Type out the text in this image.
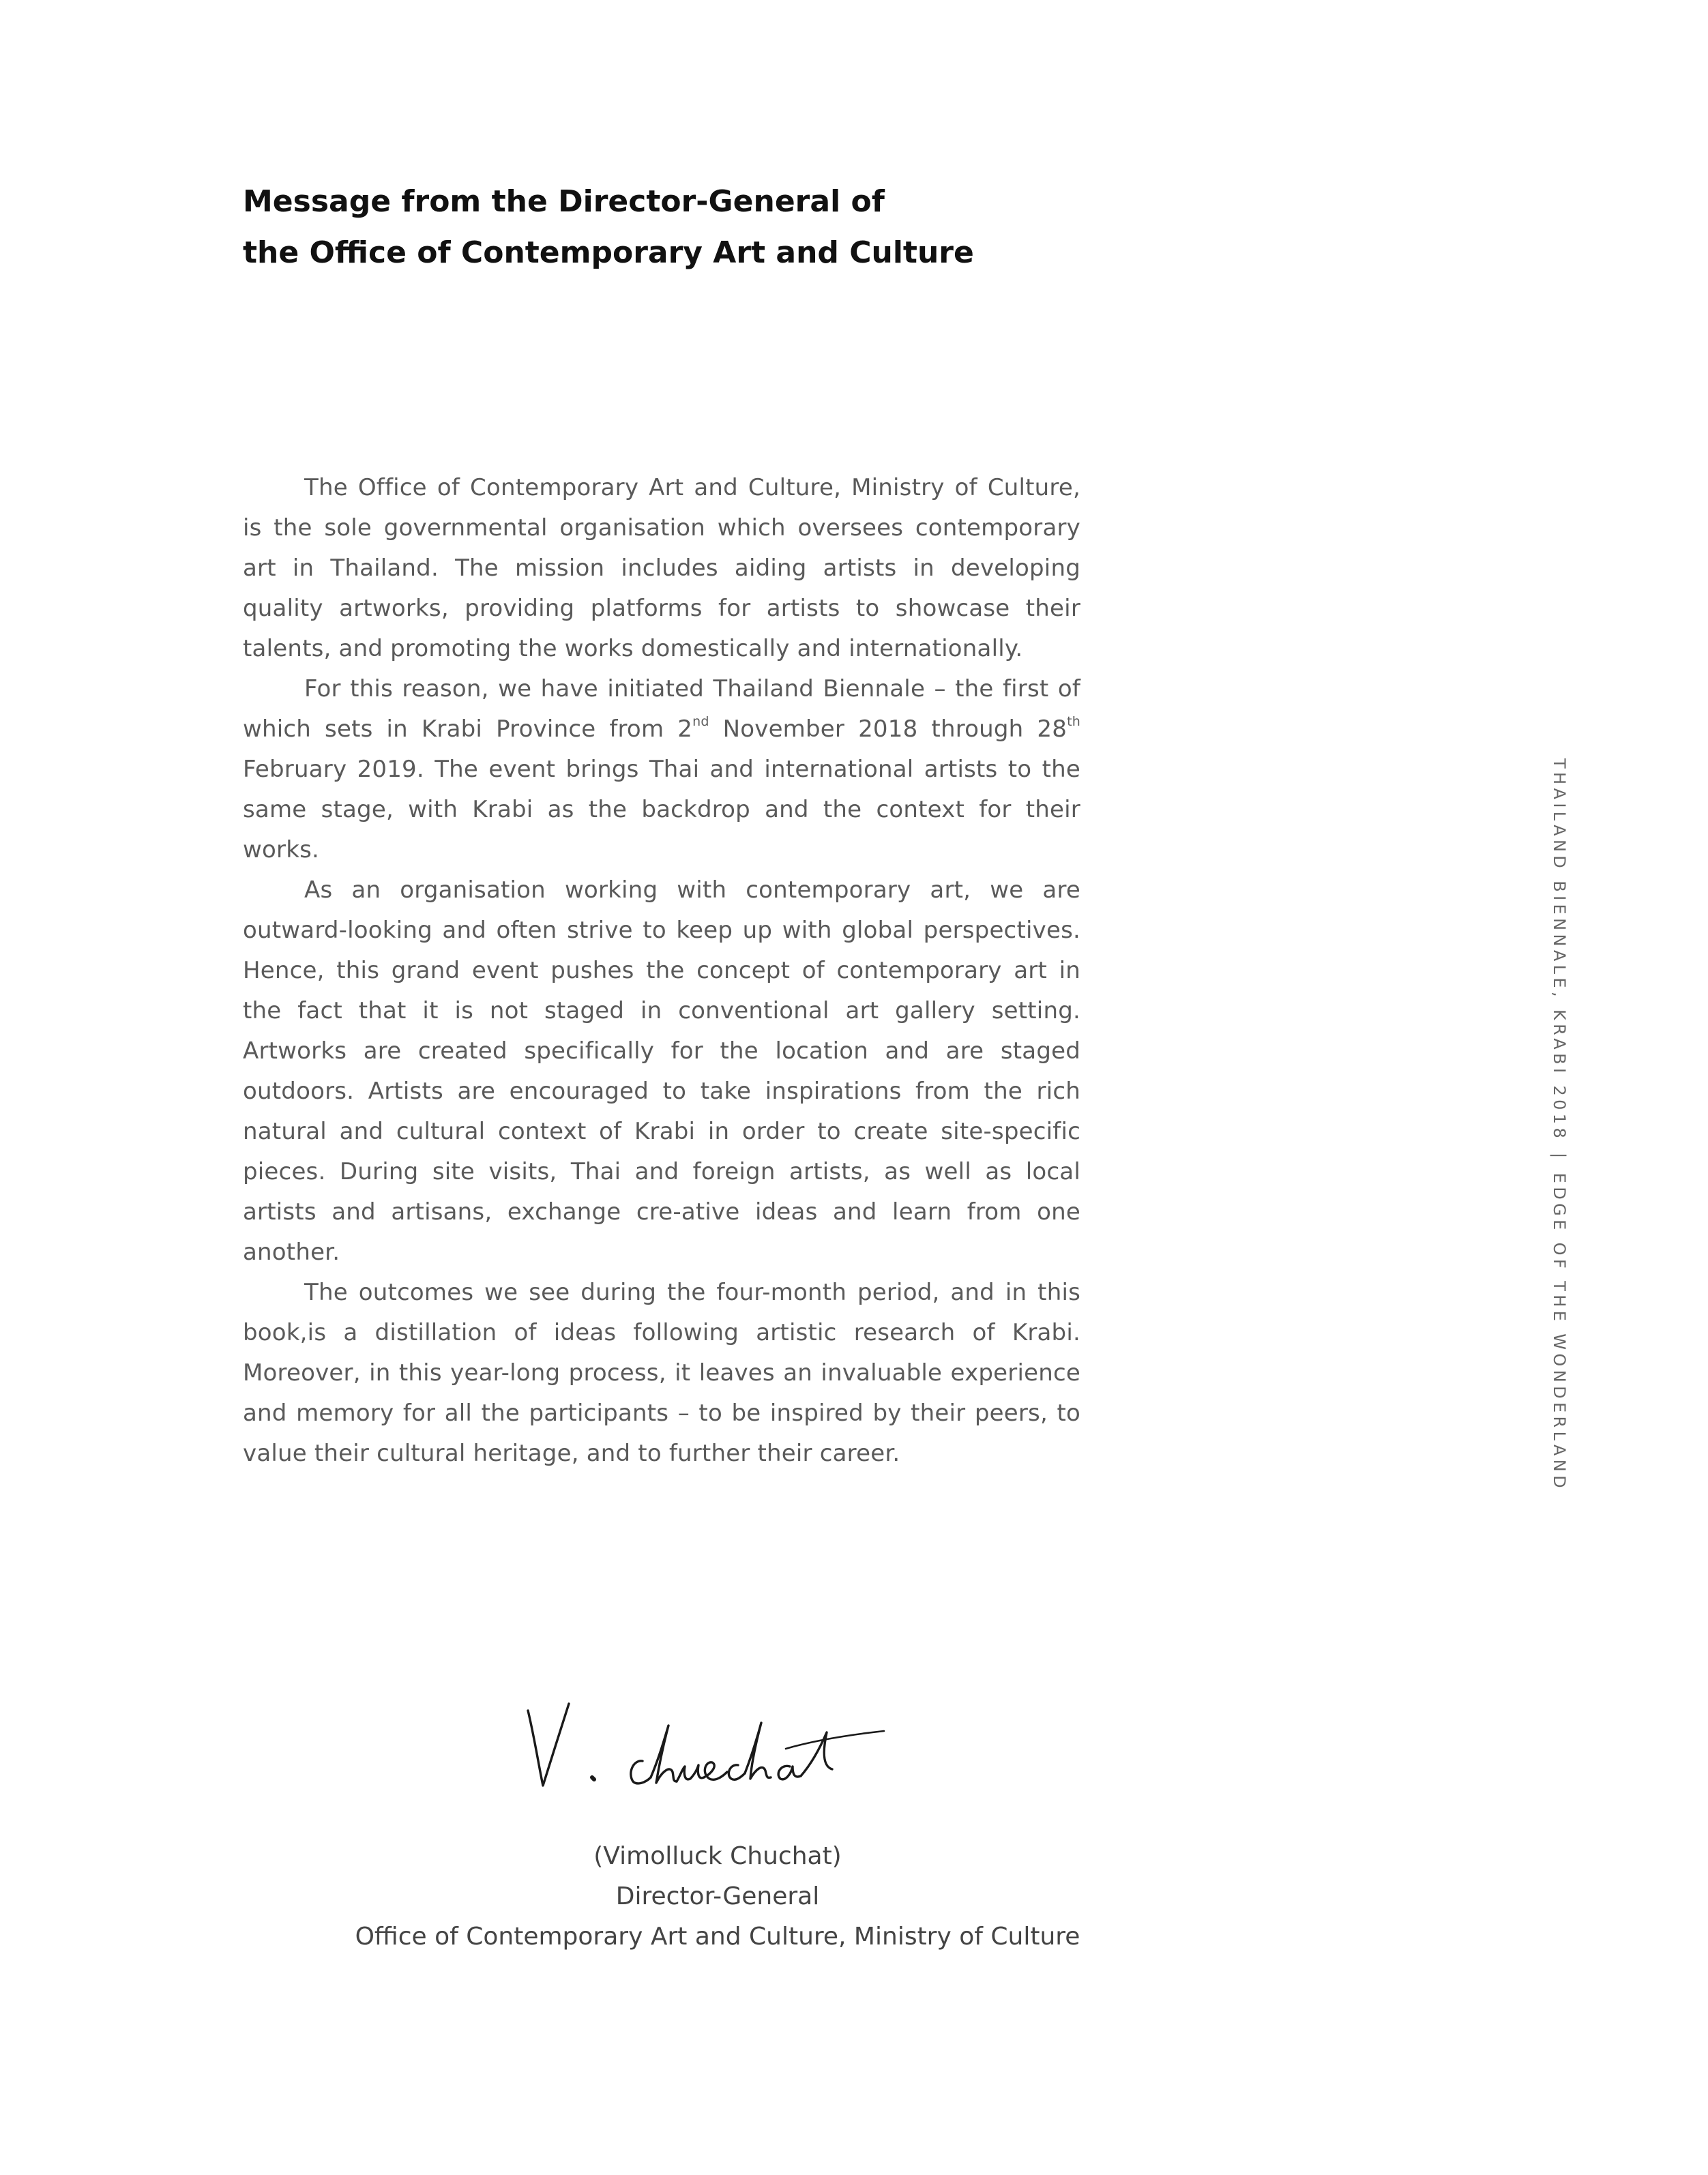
Message from the Director-General of
the Office of Contemporary Art and Culture

The Office of Contemporary Art and Culture, Ministry of Culture, is the sole governmental organisation which oversees contemporary art in Thailand. The mission includes aiding artists in developing quality artworks, providing platforms for artists to showcase their talents, and promoting the works domestically and internationally.

For this reason, we have initiated Thailand Biennale – the first of which sets in Krabi Province from 2nd November 2018 through 28th February 2019. The event brings Thai and international artists to the same stage, with Krabi as the backdrop and the context for their works.

As an organisation working with contemporary art, we are outward-looking and often strive to keep up with global perspectives. Hence, this grand event pushes the concept of contemporary art in the fact that it is not staged in conventional art gallery setting. Artworks are created specifically for the location and are staged outdoors. Artists are encouraged to take inspirations from the rich natural and cultural context of Krabi in order to create site-specific pieces. During site visits, Thai and foreign artists, as well as local artists and artisans, exchange cre-ative ideas and learn from one another.

The outcomes we see during the four-month period, and in this book,is a distillation of ideas following artistic research of Krabi. Moreover, in this year-long process, it leaves an invaluable experience and memory for all the participants – to be inspired by their peers, to value their cultural heritage, and to further their career.

THAILAND BIENNALE, KRABI 2018|EDGE OF THE WONDERLAND
(Vimolluck Chuchat)
Director-General
Office of Contemporary Art and Culture, Ministry of Culture
